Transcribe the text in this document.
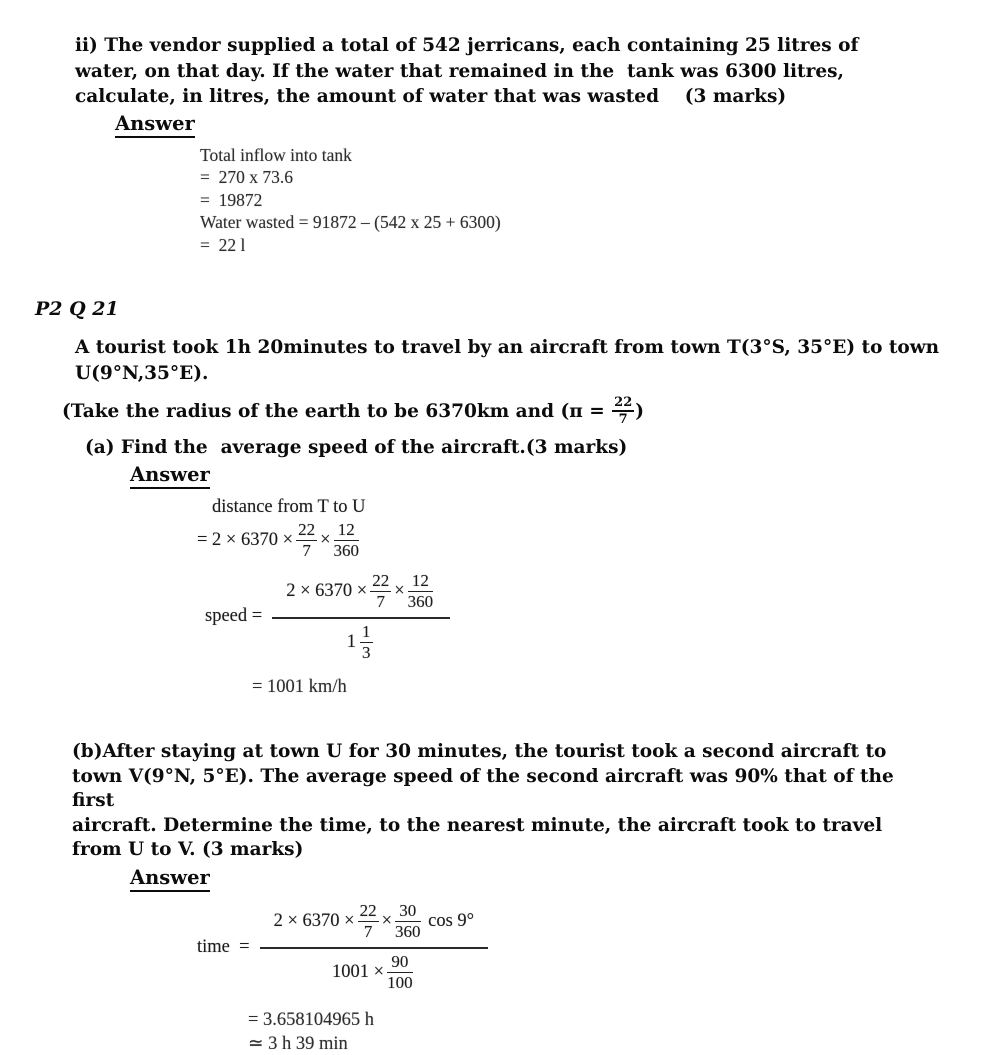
ii) The vendor supplied a total of 542 jerricans, each containing 25 litres of
water, on that day. If the water that remained in the  tank was 6300 litres,
calculate, in litres, the amount of water that was wasted    (3 marks)

Answer
Total inflow into tank
=  270 x 73.6
=  19872
Water wasted = 91872 – (542 x 25 + 6300)
=  22 l
P2 Q 21

A tourist took 1h 20minutes to travel by an aircraft from town T(3°S, 35°E) to town
U(9°N,35°E).

(Take the radius of the earth to be 6370km and ($\pi = \frac{22}{7}$ )

(a) Find the  average speed of the aircraft.(3 marks)

Answer
distance from T to U
= $2 \times 6370 \times \frac{22}{7} \times \frac{12}{360}$
speed =
$2 \times 6370 \times \frac{22}{7} \times \frac{12}{360}$
$1 \frac{1}{3}$
= 1001 km/h

(b)After staying at town U for 30 minutes, the tourist took a second aircraft to
town V(9°N, 5°E). The average speed of the second aircraft was 90% that of the
first
aircraft. Determine the time, to the nearest minute, the aircraft took to travel
from U to V. (3 marks)

Answer
time  =
$2 \times 6370 \times \frac{22}{7} \times \frac{30}{360}$ cos 9°
$1001 \times \frac{90}{100}$
= 3.658104965 h
≃ 3 h 39 min
